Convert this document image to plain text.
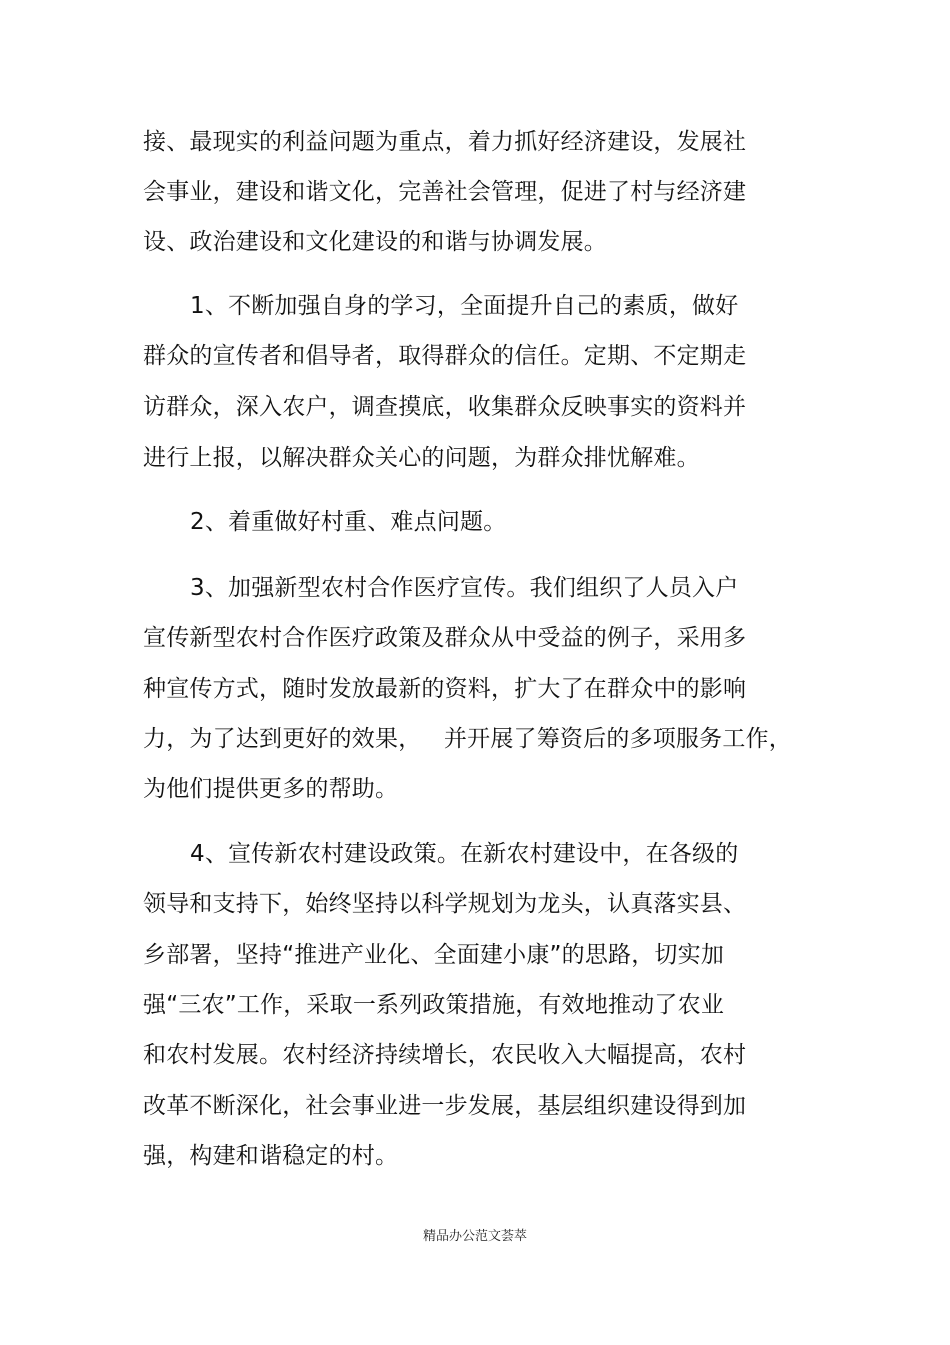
接、最现实的利益问题为重点，着力抓好经济建设，发展社
会事业，建设和谐文化，完善社会管理，促进了村与经济建
设、政治建设和文化建设的和谐与协调发展。
1、不断加强自身的学习，全面提升自己的素质，做好
群众的宣传者和倡导者，取得群众的信任。定期、不定期走
访群众，深入农户，调查摸底，收集群众反映事实的资料并
进行上报，以解决群众关心的问题，为群众排忧解难。
2、着重做好村重、难点问题。
3、加强新型农村合作医疗宣传。我们组织了人员入户
宣传新型农村合作医疗政策及群众从中受益的例子，采用多
种宣传方式，随时发放最新的资料，扩大了在群众中的影响
力，为了达到更好的效果，   并开展了筹资后的多项服务工作，
为他们提供更多的帮助。
4、宣传新农村建设政策。在新农村建设中，在各级的
领导和支持下，始终坚持以科学规划为龙头，认真落实县、
乡部署，坚持“推进产业化、全面建小康”的思路，切实加
强“三农”工作，采取一系列政策措施，有效地推动了农业
和农村发展。农村经济持续增长，农民收入大幅提高，农村
改革不断深化，社会事业进一步发展，基层组织建设得到加
强，构建和谐稳定的村。
精品办公范文荟萃
